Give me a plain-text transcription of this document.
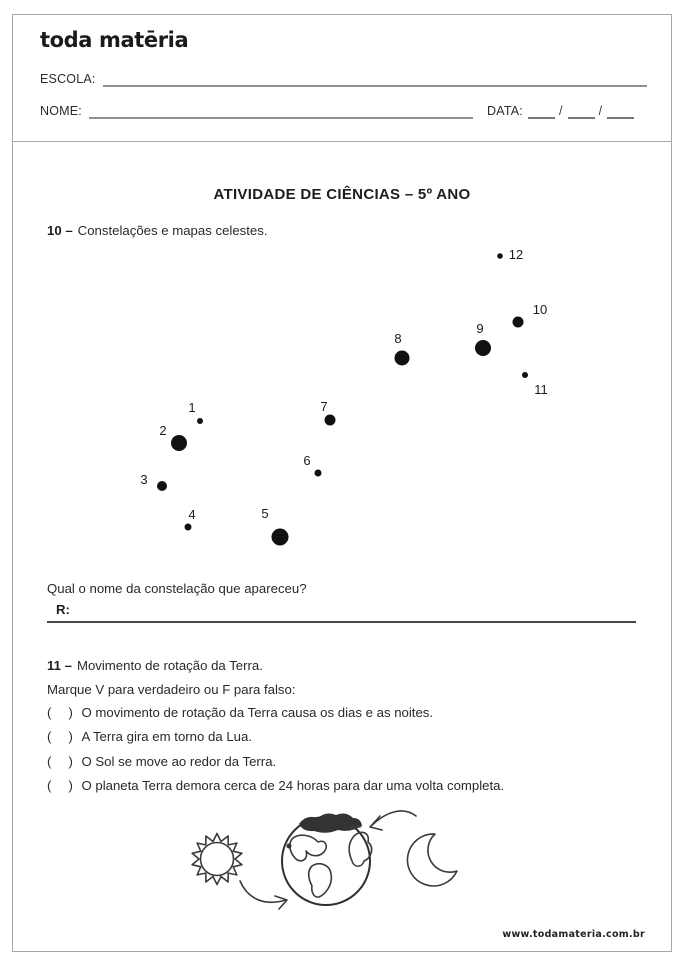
toda matēria
ESCOLA:
NOME:	DATA:	/	/
ATIVIDADE DE CIÊNCIAS – 5º ANO
10 – Constelações e mapas celestes.
1
2
3
4	5
6
7
8
9
10
11
12
Qual o nome da constelação que apareceu?
R:
11 – Movimento de rotação da Terra.
Marque V para verdadeiro ou F para falso:
(    ) O movimento de rotação da Terra causa os dias e as noites.
(    ) A Terra gira em torno da Lua.
(    ) O Sol se move ao redor da Terra.
(    ) O planeta Terra demora cerca de 24 horas para dar uma volta completa.
www.todamateria.com.br
